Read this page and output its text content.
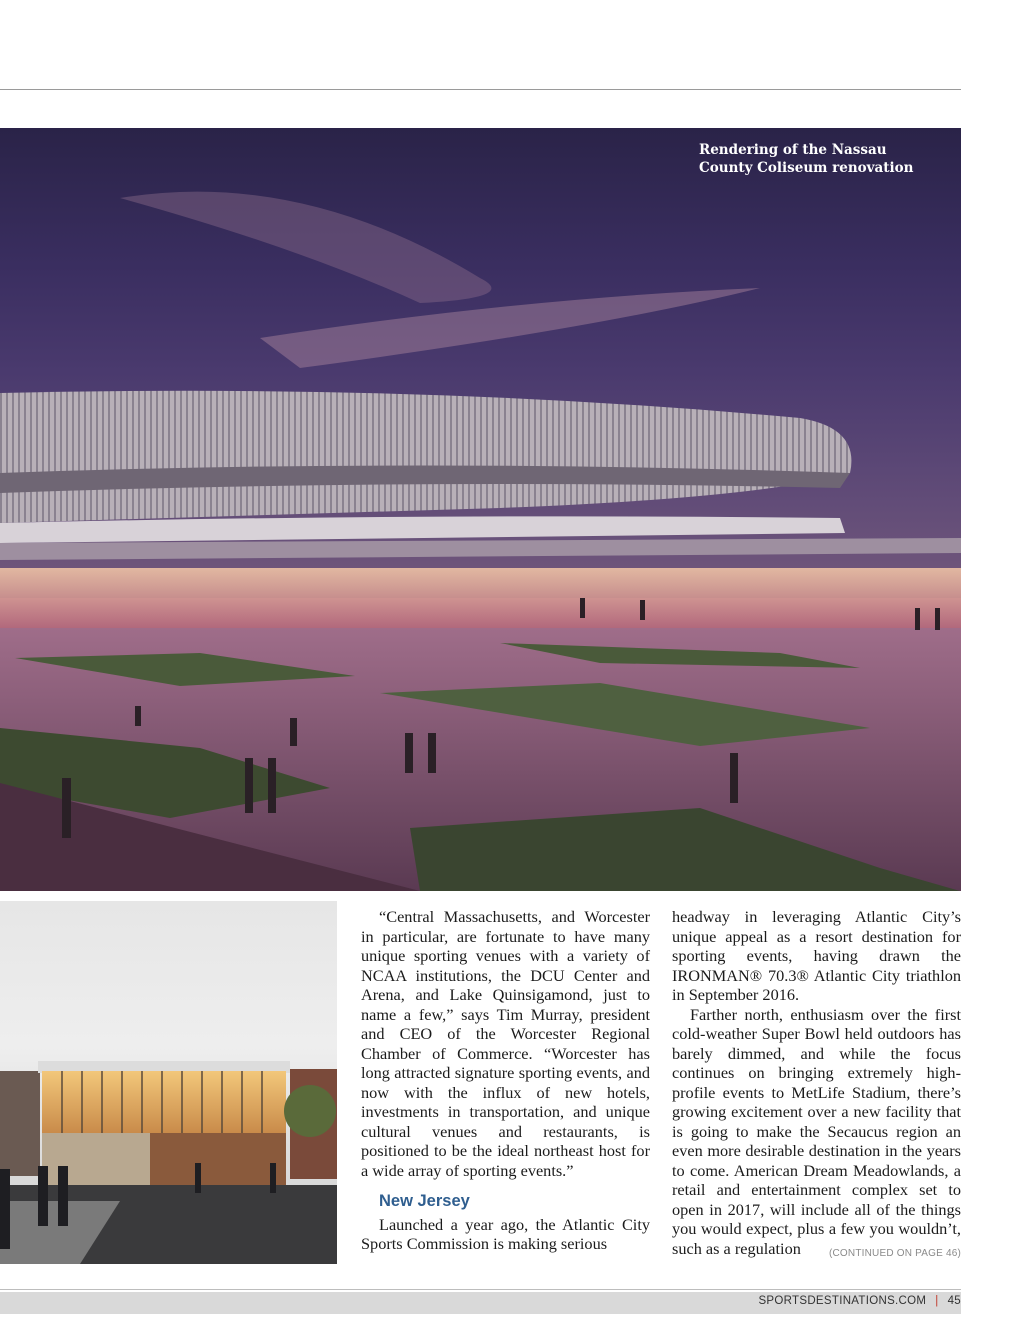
Rendering of the Nassau County Coliseum renovation

“Central Massachusetts, and Worcester in particular, are fortunate to have many unique sporting venues with a variety of NCAA institutions, the DCU Center and Arena, and Lake Quinsigamond, just to name a few,” says Tim Murray, president and CEO of the Worcester Regional Chamber of Commerce. “Worcester has long attracted signature sporting events, and now with the influx of new hotels, investments in transportation, and unique cultural venues and restaurants, is positioned to be the ideal northeast host for a wide array of sporting events.”

New Jersey

Launched a year ago, the Atlantic City Sports Commission is making serious

headway in leveraging Atlantic City’s unique appeal as a resort destination for sporting events, having drawn the IRONMAN® 70.3® Atlantic City triathlon in September 2016.

Farther north, enthusiasm over the first cold-weather Super Bowl held outdoors has barely dimmed, and while the focus continues on bringing extremely high-profile events to MetLife Stadium, there’s growing excitement over a new facility that is going to make the Secaucus region an even more desirable destination in the years to come. American Dream Meadowlands, a retail and entertainment complex set to open in 2017, will include all of the things you would expect, plus a few you wouldn’t, such as a regulation	(CONTINUED ON PAGE 46)

SPORTSDESTINATIONS.COM | 45
